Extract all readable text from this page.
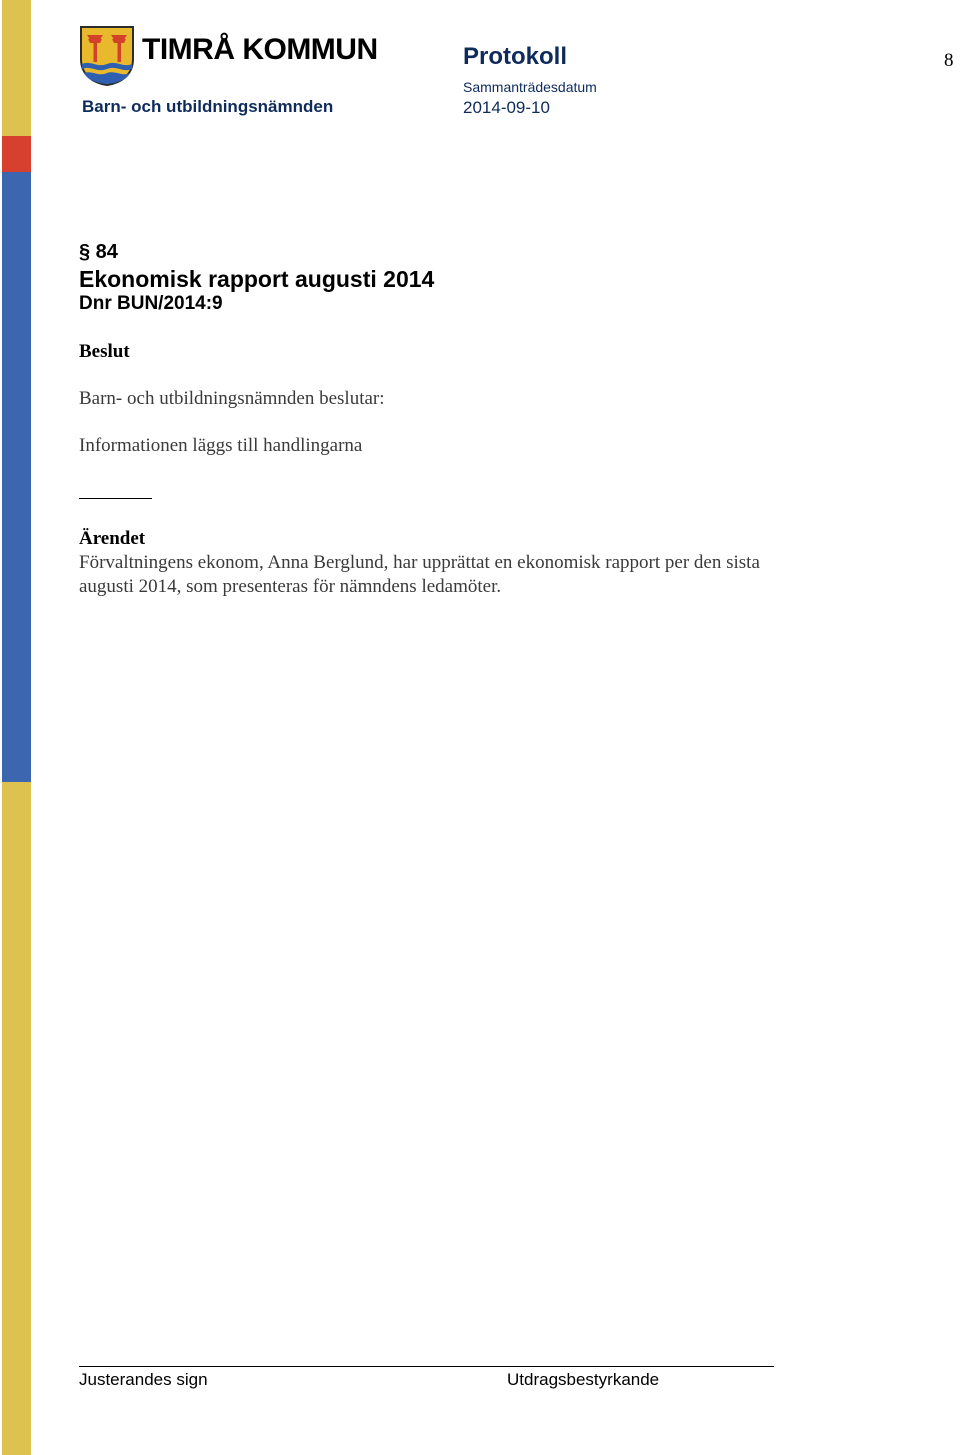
TIMRÅ KOMMUN
Barn- och utbildningsnämnden
Protokoll
Sammanträdesdatum
2014-09-10
8
§ 84
Ekonomisk rapport augusti 2014
Dnr BUN/2014:9
Beslut
Barn- och utbildningsnämnden beslutar:
Informationen läggs till handlingarna
Ärendet
Förvaltningens ekonom, Anna Berglund, har upprättat en ekonomisk rapport per den sista augusti 2014, som presenteras för nämndens ledamöter.
Justerandes sign	Utdragsbestyrkande
